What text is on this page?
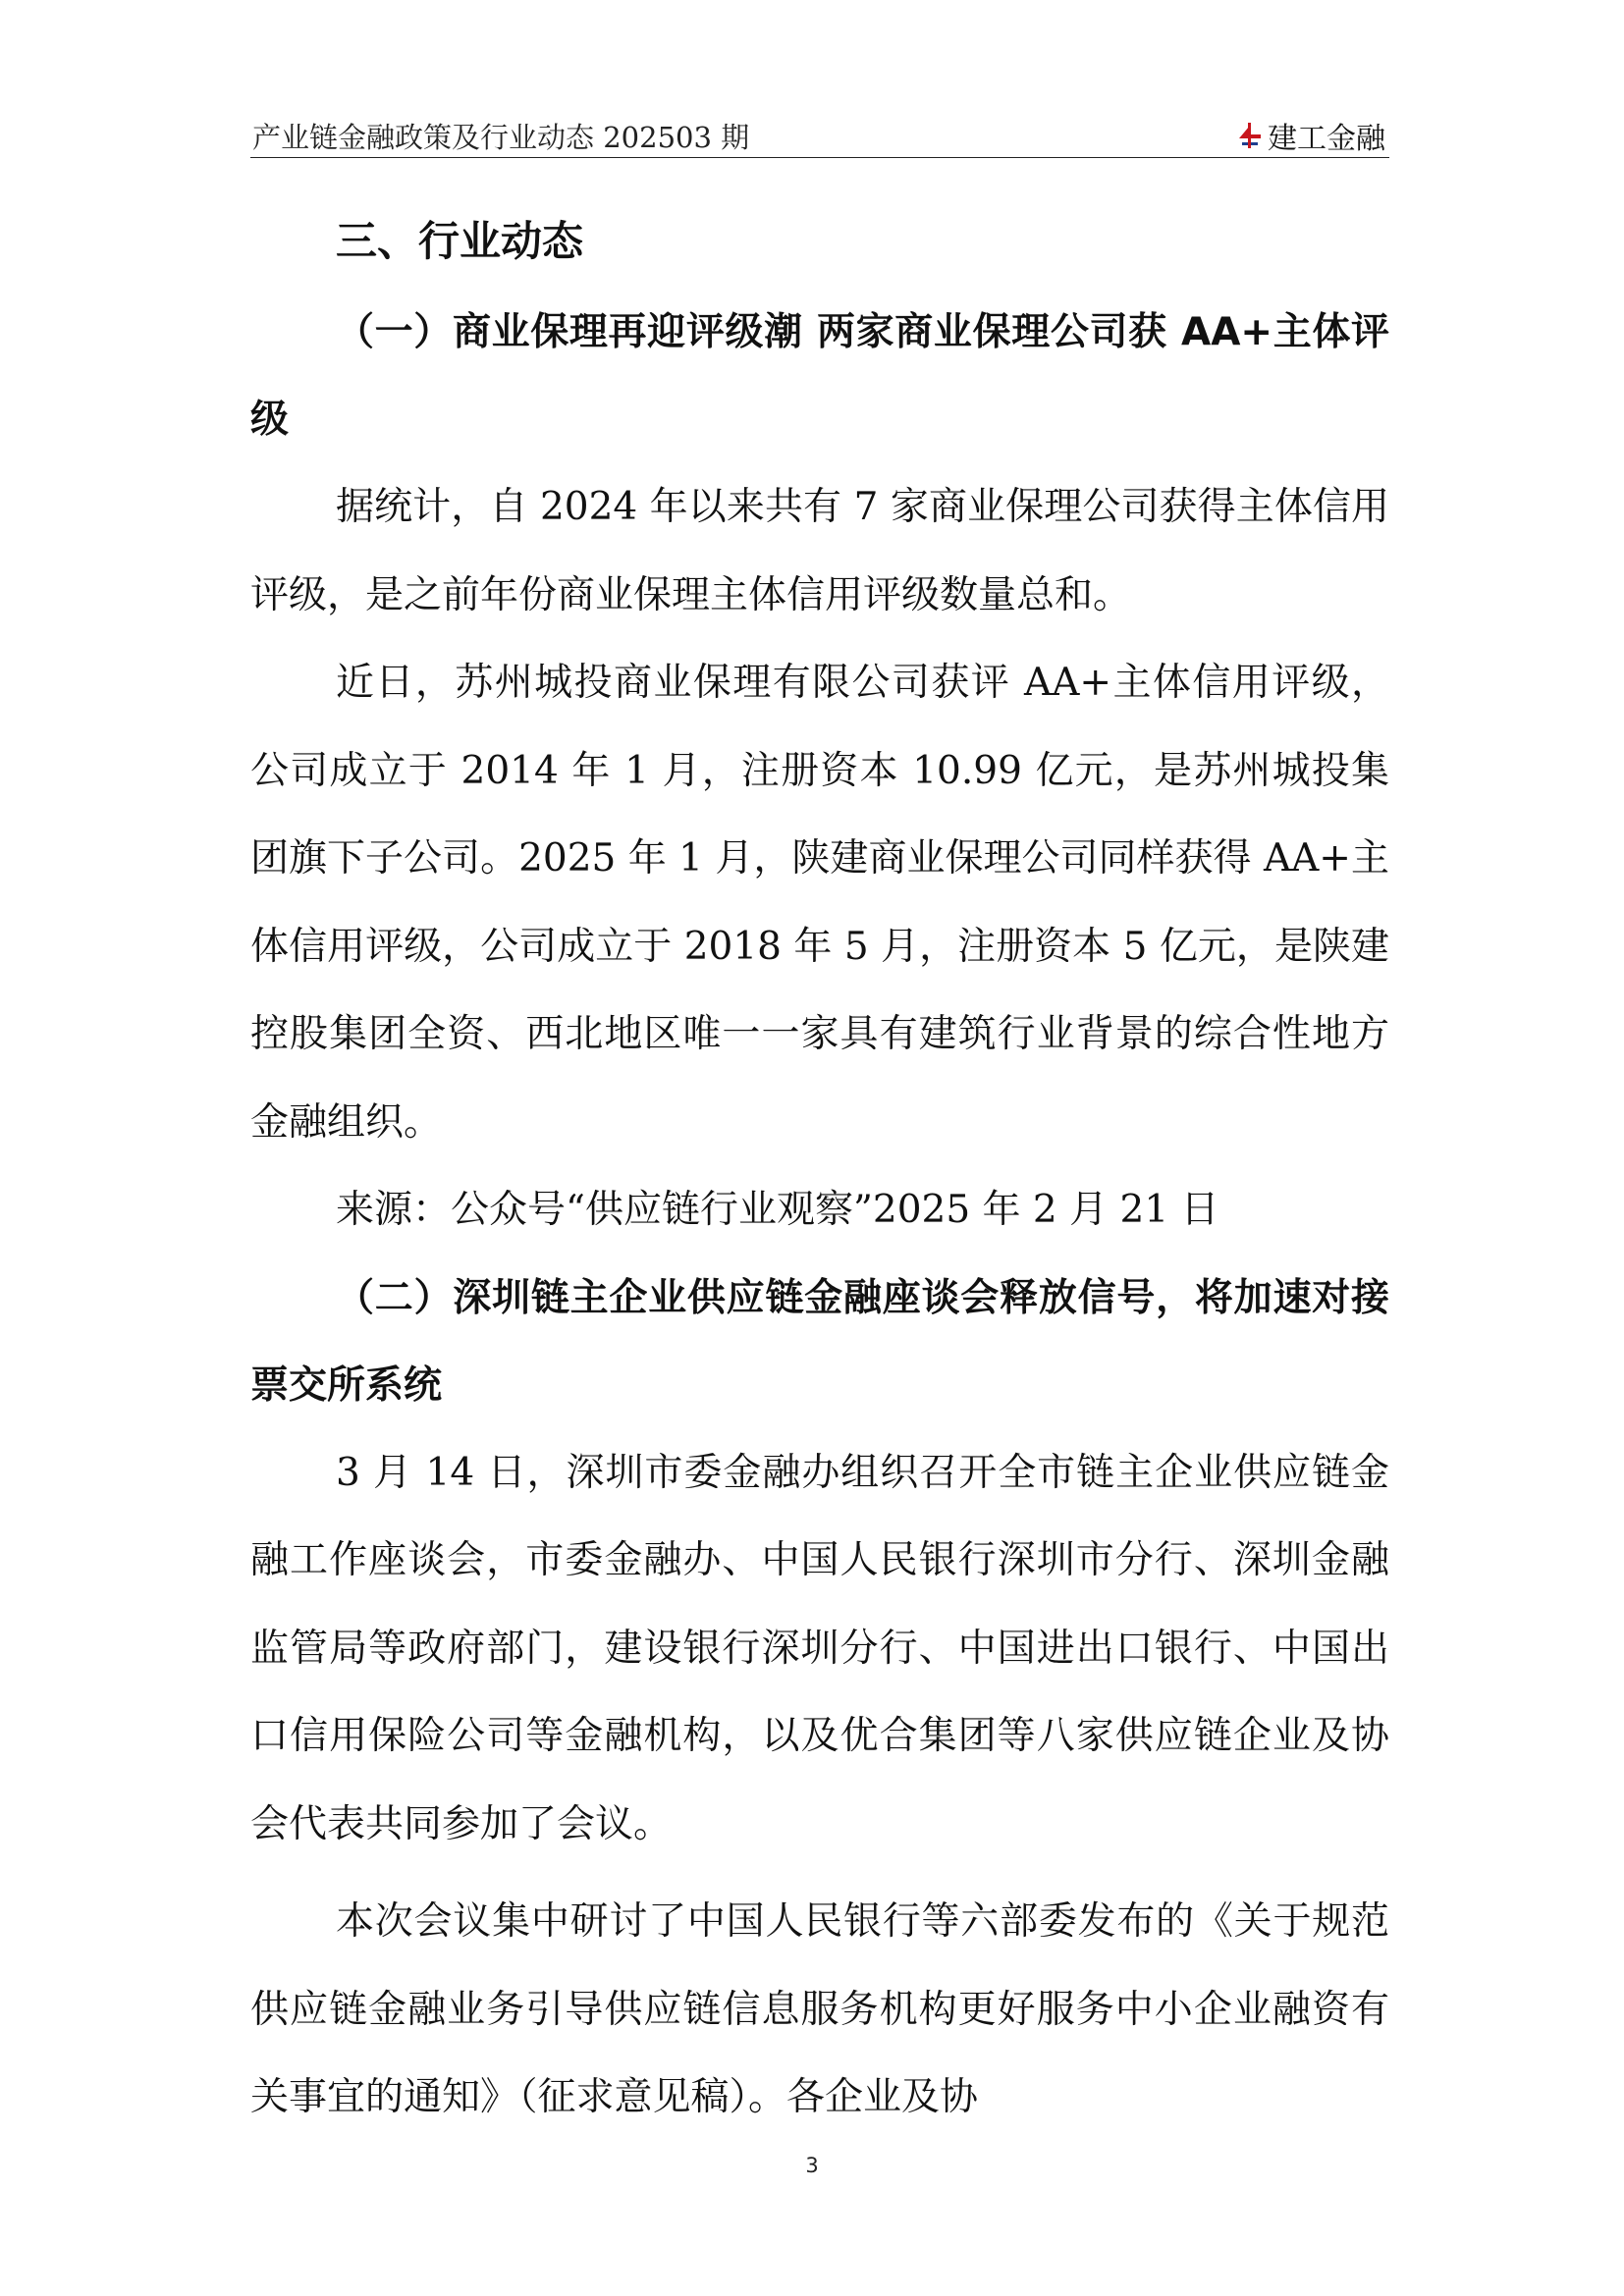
产业链金融政策及行业动态 202503 期	建工金融
三、行业动态
（一）商业保理再迎评级潮 两家商业保理公司获 AA+主体评级

据统计，自 2024 年以来共有 7 家商业保理公司获得主体信用评级，是之前年份商业保理主体信用评级数量总和。

近日，苏州城投商业保理有限公司获评 AA+主体信用评级，公司成立于 2014 年 1 月，注册资本 10.99 亿元，是苏州城投集团旗下子公司。2025 年 1 月，陕建商业保理公司同样获得 AA+主体信用评级，公司成立于 2018 年 5 月，注册资本 5 亿元，是陕建控股集团全资、西北地区唯一一家具有建筑行业背景的综合性地方金融组织。

来源：公众号“供应链行业观察”2025 年 2 月 21 日

（二）深圳链主企业供应链金融座谈会释放信号，将加速对接票交所系统

3 月 14 日，深圳市委金融办组织召开全市链主企业供应链金融工作座谈会，市委金融办、中国人民银行深圳市分行、深圳金融监管局等政府部门，建设银行深圳分行、中国进出口银行、中国出口信用保险公司等金融机构，以及优合集团等八家供应链企业及协会代表共同参加了会议。

本次会议集中研讨了中国人民银行等六部委发布的《关于规范供应链金融业务引导供应链信息服务机构更好服务中小企业融资有关事宜的通知》（征求意见稿）。各企业及协

3
